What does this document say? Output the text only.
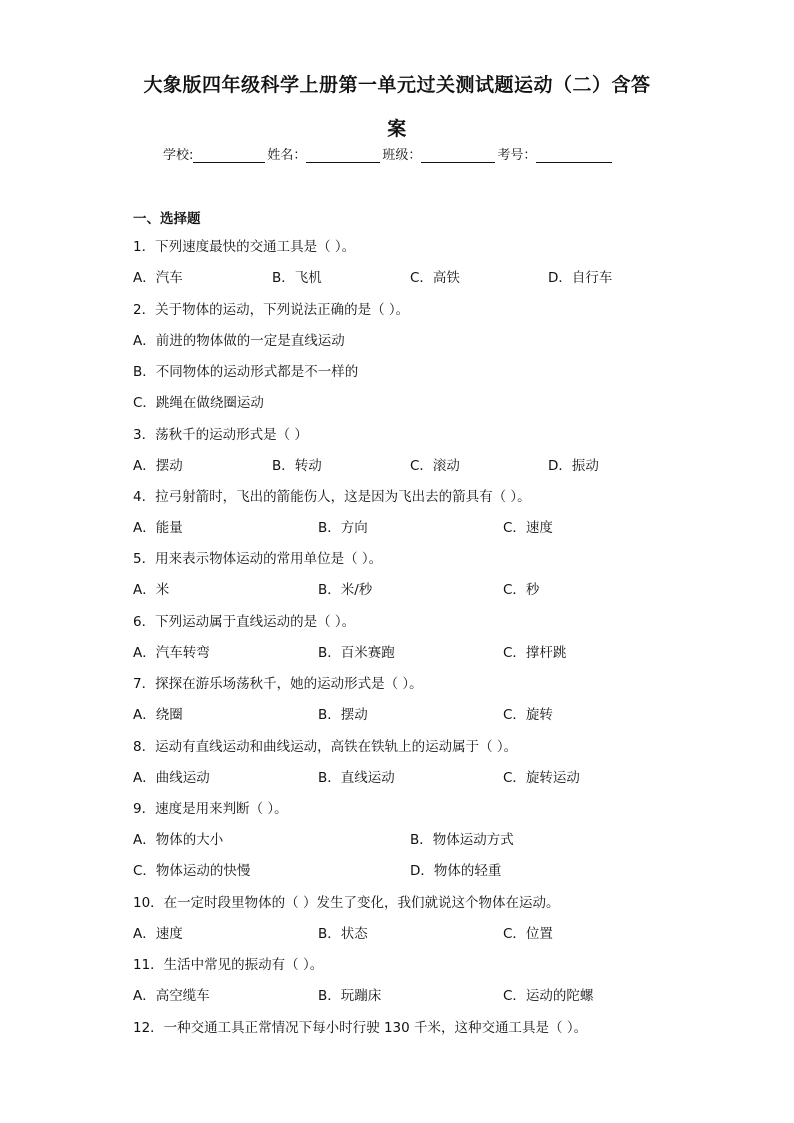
大象版四年级科学上册第一单元过关测试题运动（二）含答
案
学校:	姓名：	班级：	考号：
一、选择题
1．下列速度最快的交通工具是（ ）。
A．汽车	B．飞机	C．高铁	D．自行车
2．关于物体的运动，下列说法正确的是（ ）。
A．前进的物体做的一定是直线运动
B．不同物体的运动形式都是不一样的
C．跳绳在做绕圈运动
3．荡秋千的运动形式是（ ）
A．摆动	B．转动	C．滚动	D．振动
4．拉弓射箭时，飞出的箭能伤人，这是因为飞出去的箭具有（ ）。
A．能量	B．方向	C．速度
5．用来表示物体运动的常用单位是（ ）。
A．米	B．米/秒	C．秒
6．下列运动属于直线运动的是（ ）。
A．汽车转弯	B．百米赛跑	C．撑杆跳
7．探探在游乐场荡秋千，她的运动形式是（ ）。
A．绕圈	B．摆动	C．旋转
8．运动有直线运动和曲线运动，高铁在铁轨上的运动属于（ ）。
A．曲线运动	B．直线运动	C．旋转运动
9．速度是用来判断（ ）。
A．物体的大小	B．物体运动方式
C．物体运动的快慢	D．物体的轻重
10．在一定时段里物体的（ ）发生了变化，我们就说这个物体在运动。
A．速度	B．状态	C．位置
11．生活中常见的振动有（ ）。
A．高空缆车	B．玩蹦床	C．运动的陀螺
12．一种交通工具正常情况下每小时行驶 130 千米，这种交通工具是（ ）。
